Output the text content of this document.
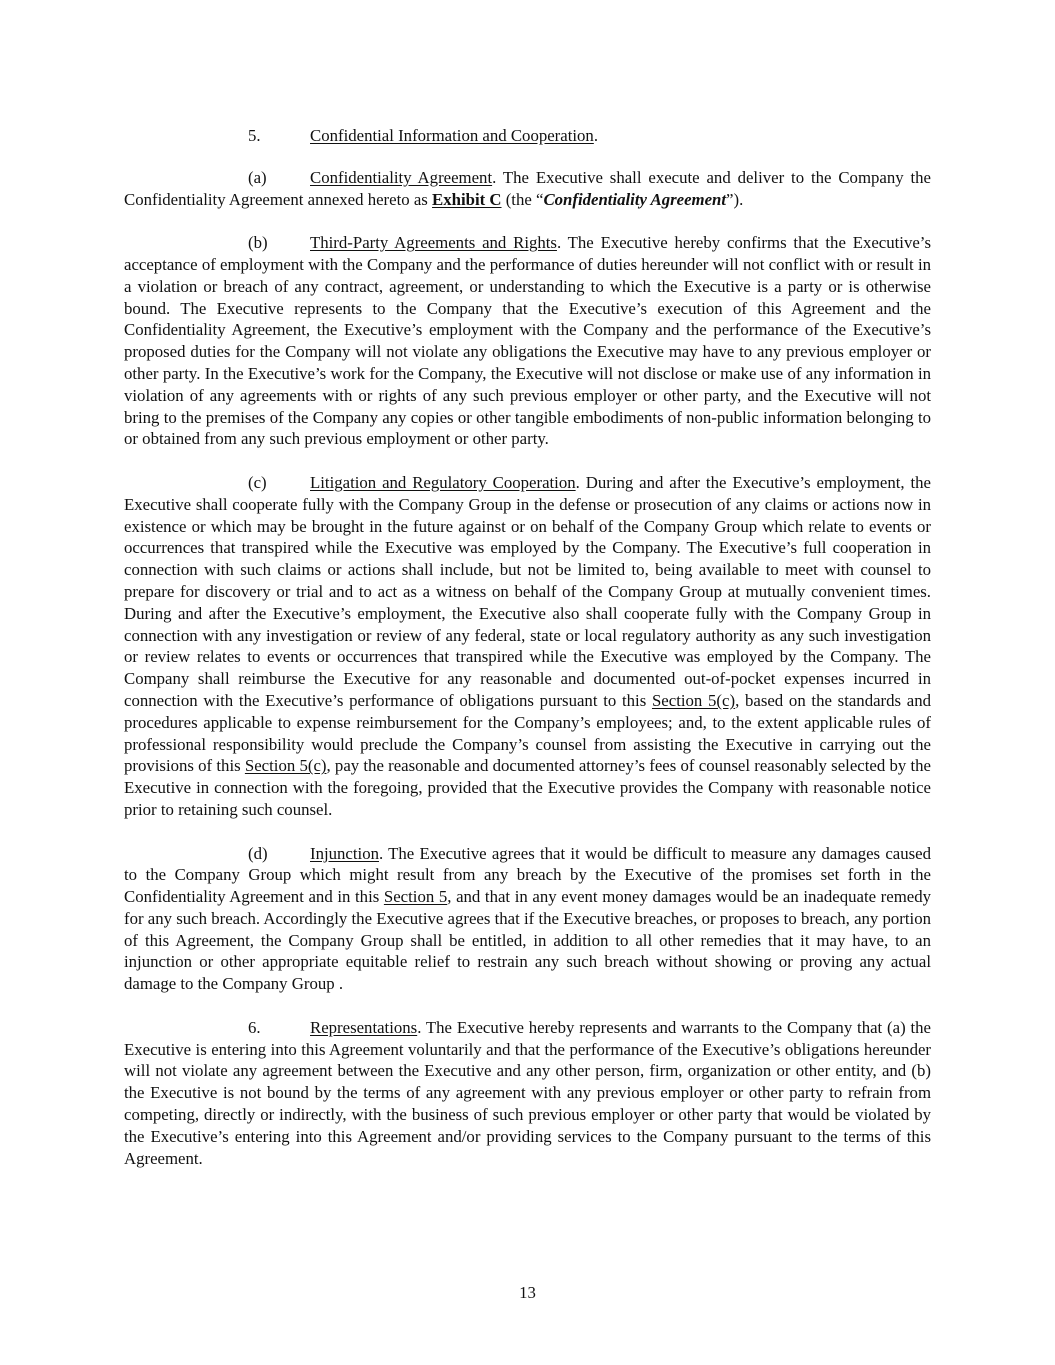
5.	Confidential Information and Cooperation.

(a)	Confidentiality Agreement. The Executive shall execute and deliver to the Company the Confidentiality Agreement annexed hereto as Exhibit C (the “Confidentiality Agreement”).

(b)	Third-Party Agreements and Rights. The Executive hereby confirms that the Executive’s acceptance of employment with the Company and the performance of duties hereunder will not conflict with or result in a violation or breach of any contract, agreement, or understanding to which the Executive is a party or is otherwise bound. The Executive represents to the Company that the Executive’s execution of this Agreement and the Confidentiality Agreement, the Executive’s employment with the Company and the performance of the Executive’s proposed duties for the Company will not violate any obligations the Executive may have to any previous employer or other party. In the Executive’s work for the Company, the Executive will not disclose or make use of any information in violation of any agreements with or rights of any such previous employer or other party, and the Executive will not bring to the premises of the Company any copies or other tangible embodiments of non-public information belonging to or obtained from any such previous employment or other party.

(c)	Litigation and Regulatory Cooperation. During and after the Executive’s employment, the Executive shall cooperate fully with the Company Group in the defense or prosecution of any claims or actions now in existence or which may be brought in the future against or on behalf of the Company Group which relate to events or occurrences that transpired while the Executive was employed by the Company. The Executive’s full cooperation in connection with such claims or actions shall include, but not be limited to, being available to meet with counsel to prepare for discovery or trial and to act as a witness on behalf of the Company Group at mutually convenient times. During and after the Executive’s employment, the Executive also shall cooperate fully with the Company Group in connection with any investigation or review of any federal, state or local regulatory authority as any such investigation or review relates to events or occurrences that transpired while the Executive was employed by the Company. The Company shall reimburse the Executive for any reasonable and documented out-of-pocket expenses incurred in connection with the Executive’s performance of obligations pursuant to this Section 5(c), based on the standards and procedures applicable to expense reimbursement for the Company’s employees; and, to the extent applicable rules of professional responsibility would preclude the Company’s counsel from assisting the Executive in carrying out the provisions of this Section 5(c), pay the reasonable and documented attorney’s fees of counsel reasonably selected by the Executive in connection with the foregoing, provided that the Executive provides the Company with reasonable notice prior to retaining such counsel.

(d)	Injunction. The Executive agrees that it would be difficult to measure any damages caused to the Company Group which might result from any breach by the Executive of the promises set forth in the Confidentiality Agreement and in this Section 5, and that in any event money damages would be an inadequate remedy for any such breach. Accordingly the Executive agrees that if the Executive breaches, or proposes to breach, any portion of this Agreement, the Company Group shall be entitled, in addition to all other remedies that it may have, to an injunction or other appropriate equitable relief to restrain any such breach without showing or proving any actual damage to the Company Group .

6.	Representations. The Executive hereby represents and warrants to the Company that (a) the Executive is entering into this Agreement voluntarily and that the performance of the Executive’s obligations hereunder will not violate any agreement between the Executive and any other person, firm, organization or other entity, and (b) the Executive is not bound by the terms of any agreement with any previous employer or other party to refrain from competing, directly or indirectly, with the business of such previous employer or other party that would be violated by the Executive’s entering into this Agreement and/or providing services to the Company pursuant to the terms of this Agreement.

13
